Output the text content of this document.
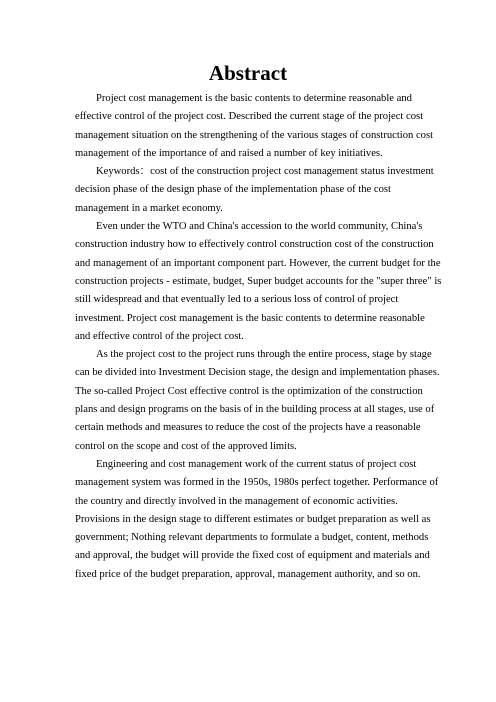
Abstract

Project cost management is the basic contents to determine reasonable and
effective control of the project cost. Described the current stage of the project cost
management situation on the strengthening of the various stages of construction cost
management of the importance of and raised a number of key initiatives.

Keywords：cost of the construction project cost management status investment
decision phase of the design phase of the implementation phase of the cost
management in a market economy.

Even under the WTO and China's accession to the world community, China's
construction industry how to effectively control construction cost of the construction
and management of an important component part. However, the current budget for the
construction projects - estimate, budget, Super budget accounts for the "super three" is
still widespread and that eventually led to a serious loss of control of project
investment. Project cost management is the basic contents to determine reasonable
and effective control of the project cost.

As the project cost to the project runs through the entire process, stage by stage
can be divided into Investment Decision stage, the design and implementation phases.
The so-called Project Cost effective control is the optimization of the construction
plans and design programs on the basis of in the building process at all stages, use of
certain methods and measures to reduce the cost of the projects have a reasonable
control on the scope and cost of the approved limits.

Engineering and cost management work of the current status of project cost
management system was formed in the 1950s, 1980s perfect together. Performance of
the country and directly involved in the management of economic activities.
Provisions in the design stage to different estimates or budget preparation as well as
government; Nothing relevant departments to formulate a budget, content, methods
and approval, the budget will provide the fixed cost of equipment and materials and
fixed price of the budget preparation, approval, management authority, and so on.
